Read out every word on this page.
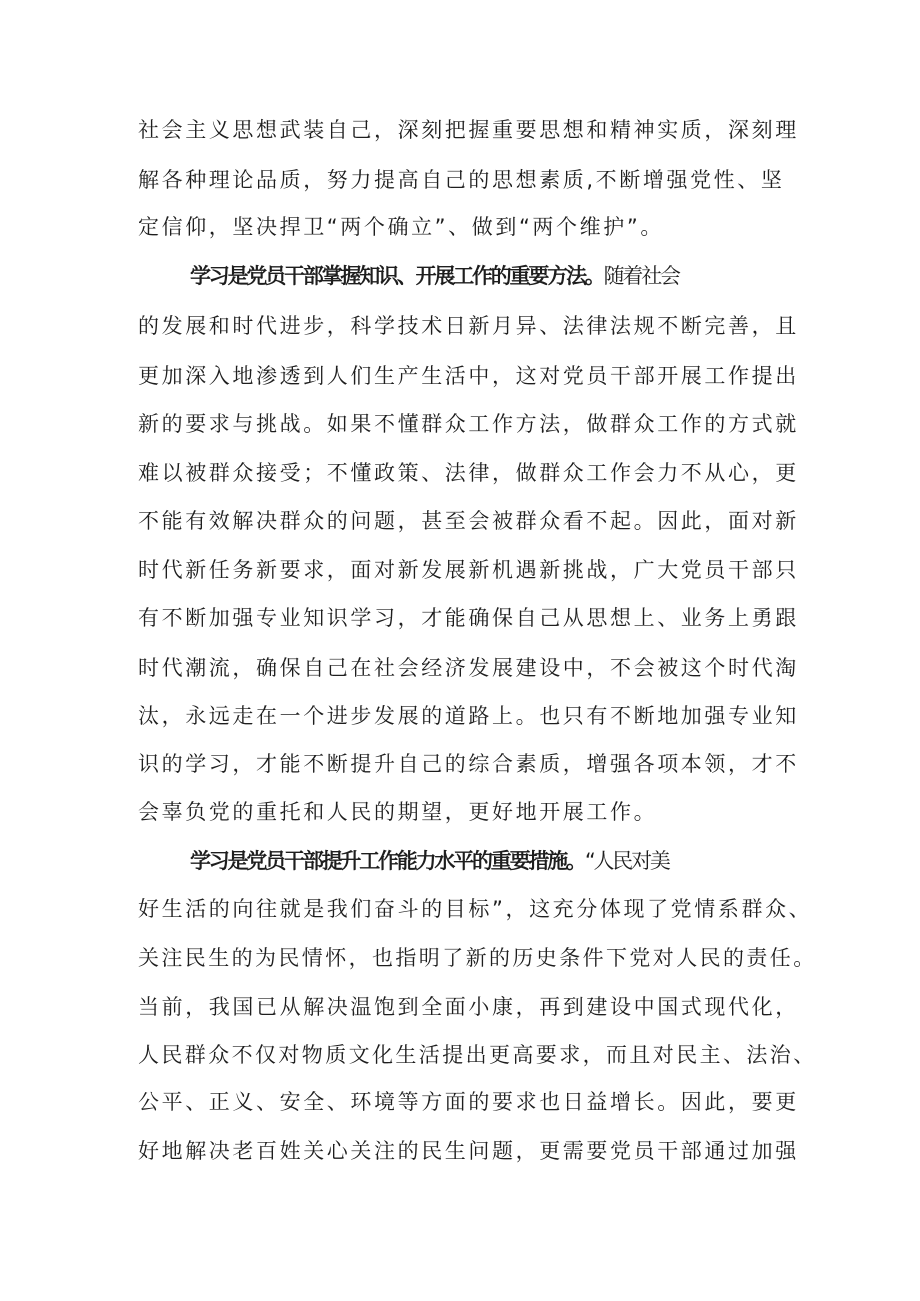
社会主义思想武装自己，深刻把握重要思想和精神实质，深刻理
解各种理论品质，努力提高自己的思想素质,不断增强党性、坚
定信仰，坚决捍卫“两个确立”、做到“两个维护”。
学习是党员干部掌握知识、开展工作的重要方法。随着社会
的发展和时代进步，科学技术日新月异、法律法规不断完善，且
更加深入地渗透到人们生产生活中，这对党员干部开展工作提出
新的要求与挑战。如果不懂群众工作方法，做群众工作的方式就
难以被群众接受；不懂政策、法律，做群众工作会力不从心，更
不能有效解决群众的问题，甚至会被群众看不起。因此，面对新
时代新任务新要求，面对新发展新机遇新挑战，广大党员干部只
有不断加强专业知识学习，才能确保自己从思想上、业务上勇跟
时代潮流，确保自己在社会经济发展建设中，不会被这个时代淘
汰，永远走在一个进步发展的道路上。也只有不断地加强专业知
识的学习，才能不断提升自己的综合素质，增强各项本领，才不
会辜负党的重托和人民的期望，更好地开展工作。
学习是党员干部提升工作能力水平的重要措施。“人民对美
好生活的向往就是我们奋斗的目标”，这充分体现了党情系群众、
关注民生的为民情怀，也指明了新的历史条件下党对人民的责任。
当前，我国已从解决温饱到全面小康，再到建设中国式现代化，
人民群众不仅对物质文化生活提出更高要求，而且对民主、法治、
公平、正义、安全、环境等方面的要求也日益增长。因此，要更
好地解决老百姓关心关注的民生问题，更需要党员干部通过加强
